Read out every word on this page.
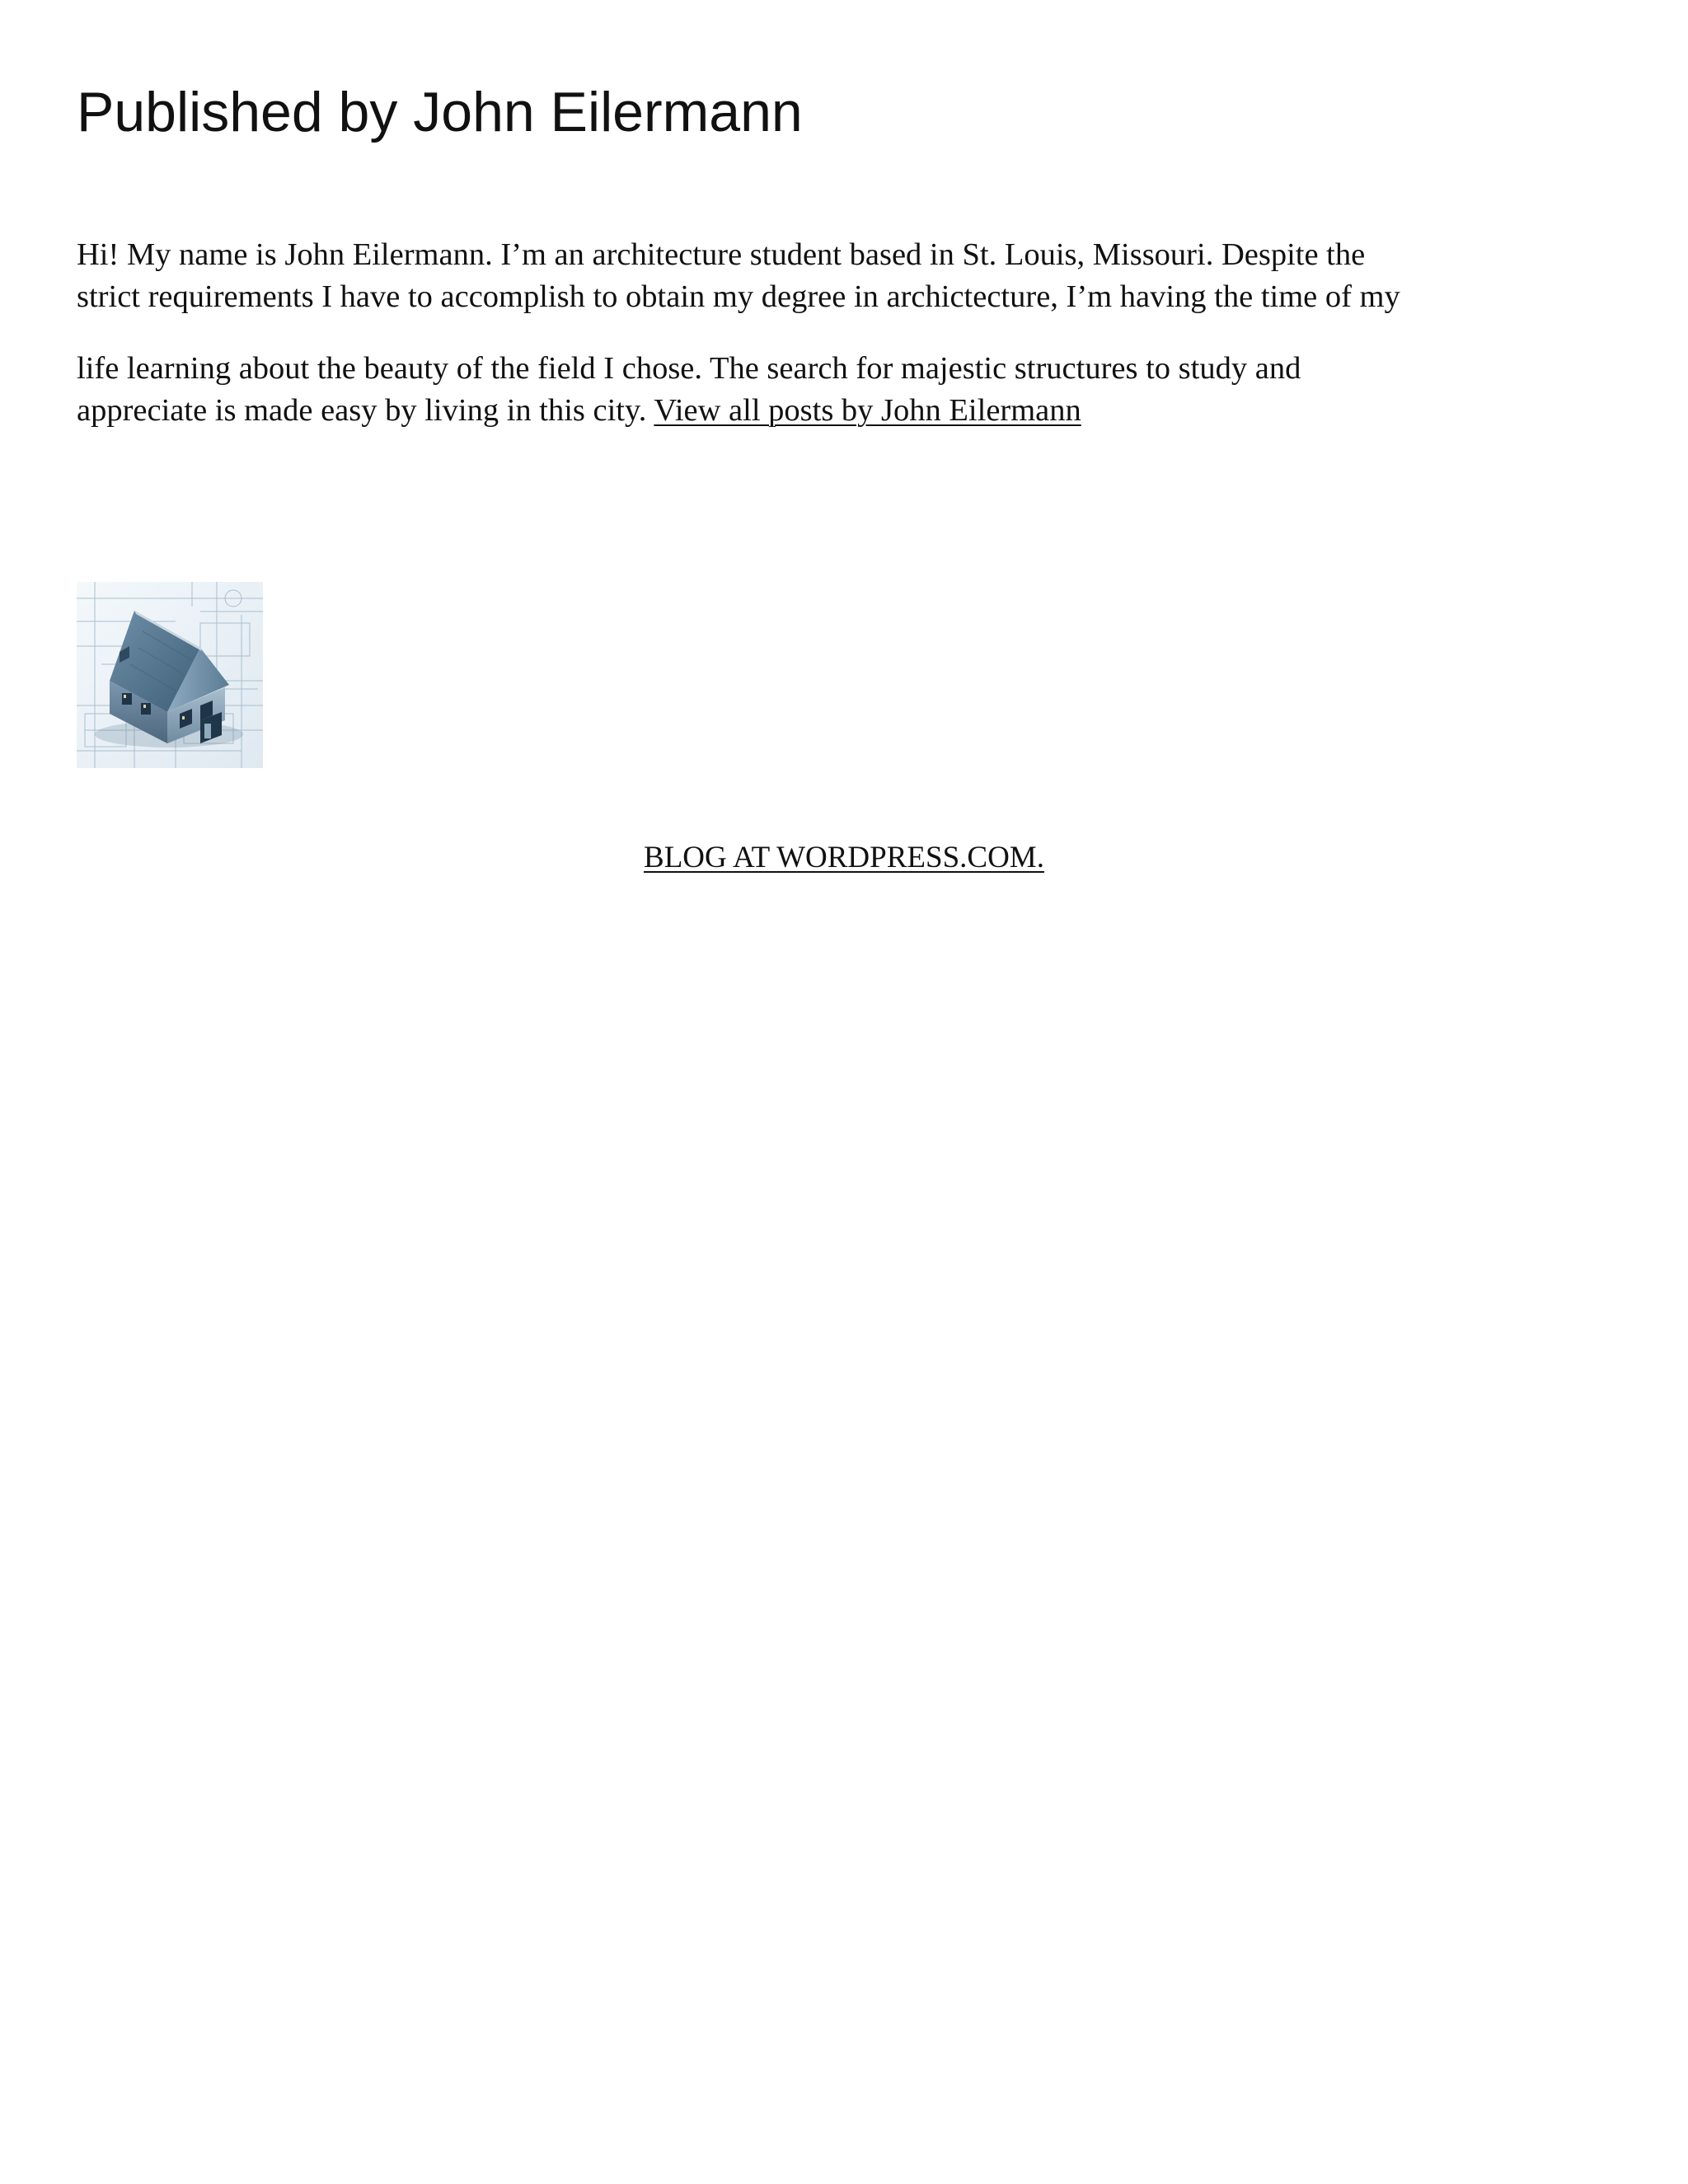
Published by John Eilermann

Hi! My name is John Eilermann. I’m an architecture student based in St. Louis, Missouri. Despite the
strict requirements I have to accomplish to obtain my degree in archictecture, I’m having the time of my
life learning about the beauty of the field I chose. The search for majestic structures to study and
appreciate is made easy by living in this city. View all posts by John Eilermann

BLOG AT WORDPRESS.COM.
